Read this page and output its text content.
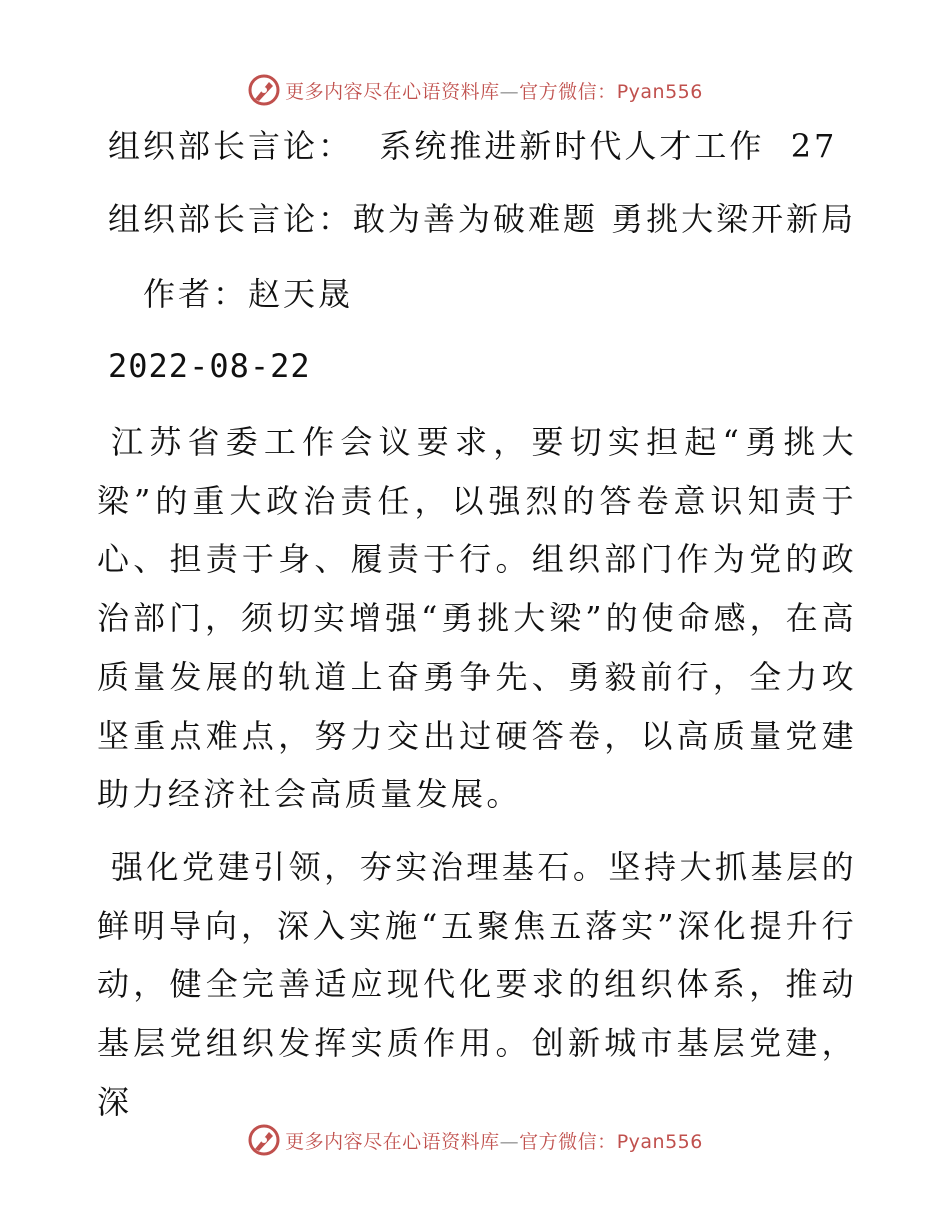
更多内容尽在心语资料库—官方微信：Pyan556
组织部长言论：  系统推进新时代人才工作  27
组织部长言论：敢为善为破难题 勇挑大梁开新局
作者：赵天晟
2022-08-22

江苏省委工作会议要求，要切实担起“勇挑大梁”的重大政治责任，以强烈的答卷意识知责于心、担责于身、履责于行。组织部门作为党的政治部门，须切实增强“勇挑大梁”的使命感，在高质量发展的轨道上奋勇争先、勇毅前行，全力攻坚重点难点，努力交出过硬答卷，以高质量党建助力经济社会高质量发展。

强化党建引领，夯实治理基石。坚持大抓基层的鲜明导向，深入实施“五聚焦五落实”深化提升行动，健全完善适应现代化要求的组织体系，推动基层党组织发挥实质作用。创新城市基层党建，深

更多内容尽在心语资料库—官方微信：Pyan556
